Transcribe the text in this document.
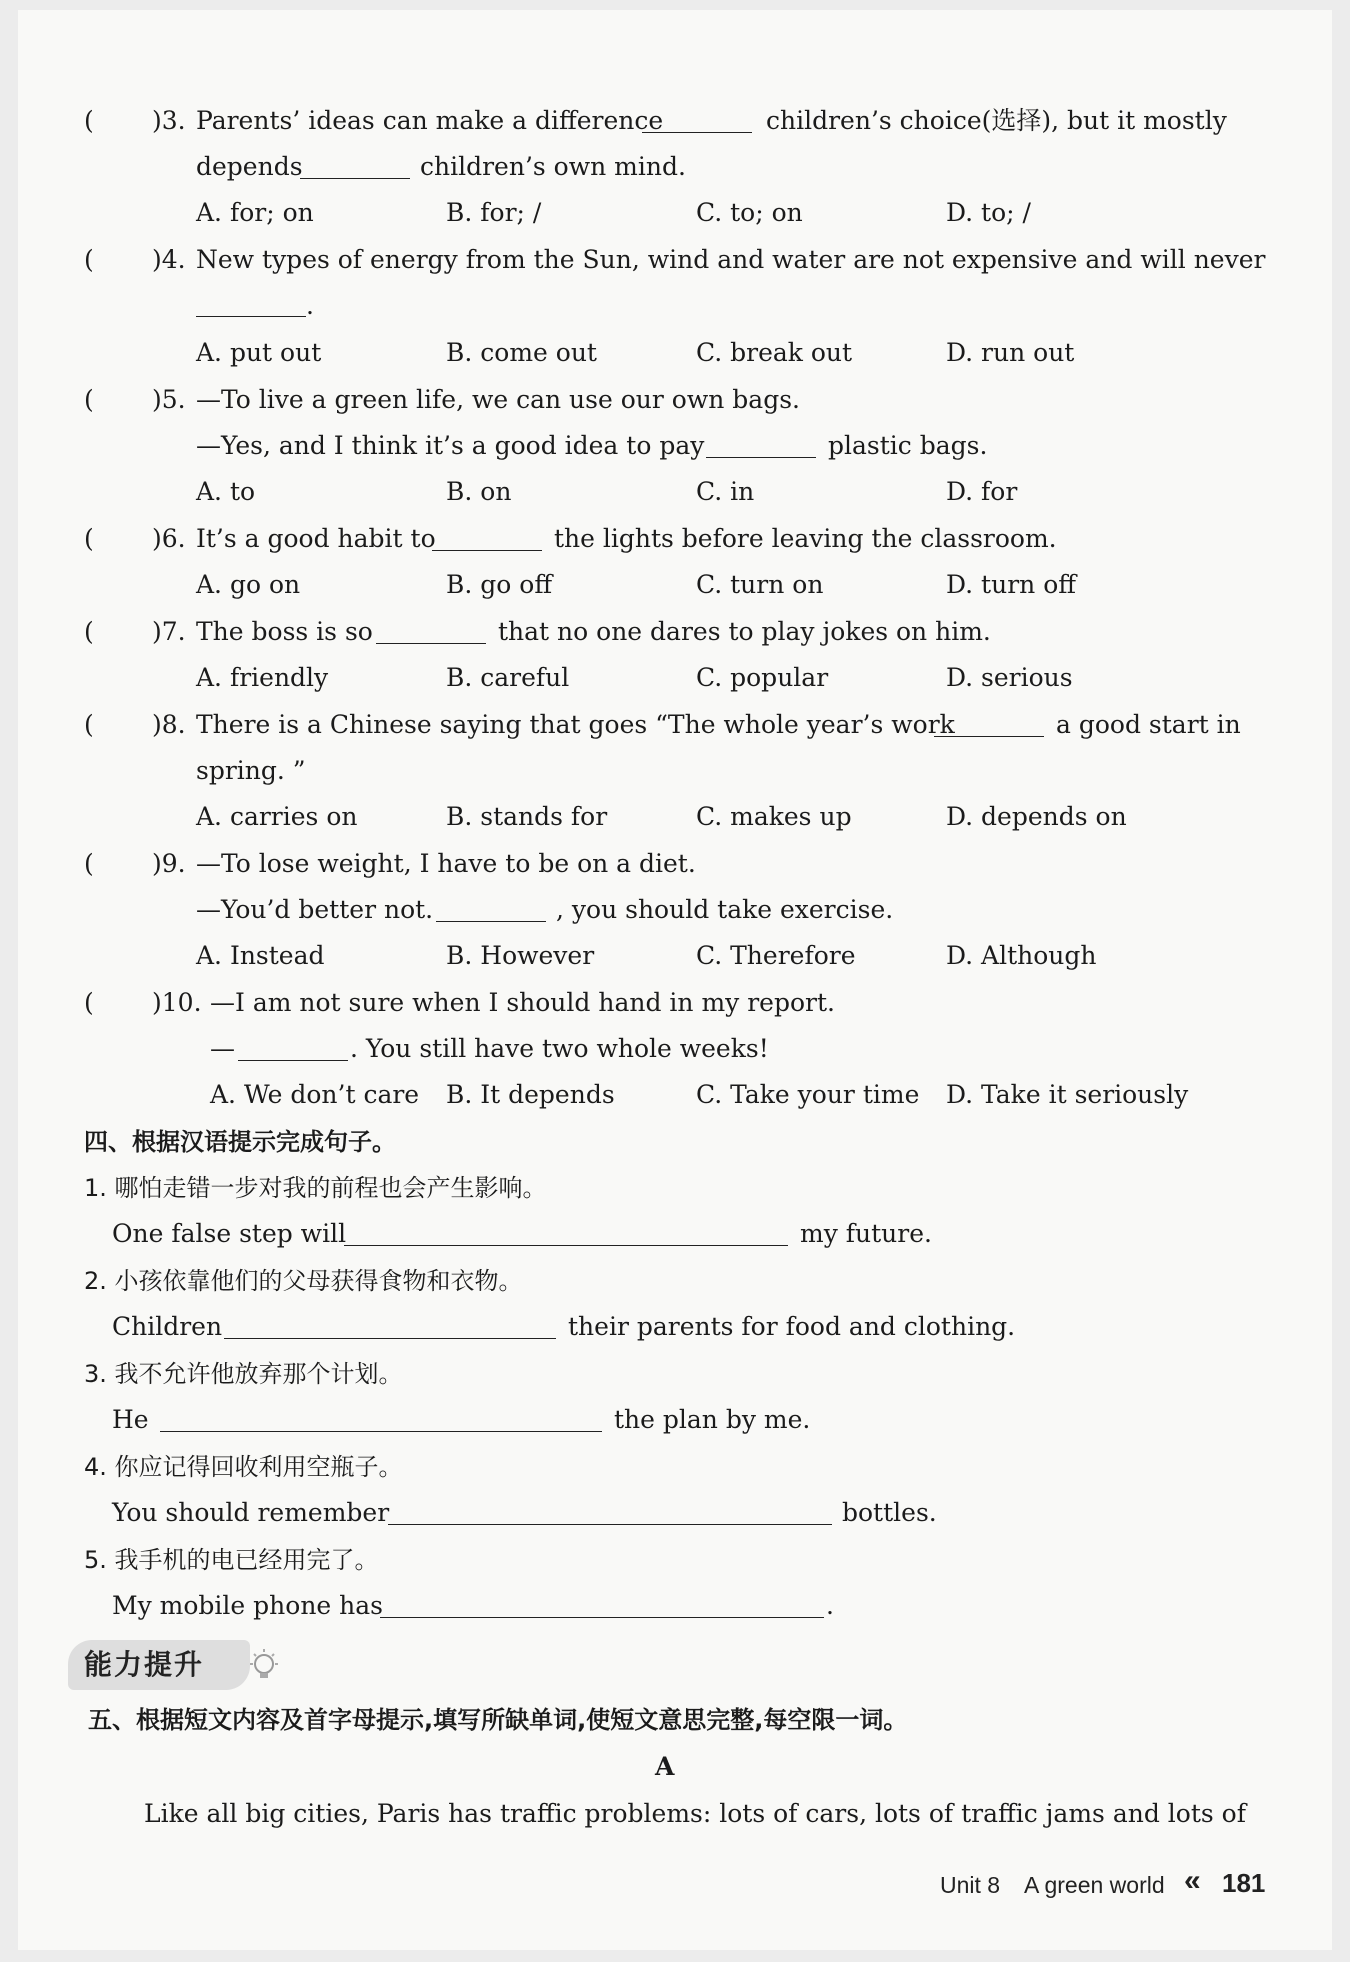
( )3. Parents’ ideas can make a difference	children’s choice(选择), but it mostly
depends	children’s own mind.
A. for; on	B. for; /	C. to; on	D. to; /
( )4. New types of energy from the Sun, wind and water are not expensive and will never
.
A. put out	B. come out	C. break out	D. run out
( )5. —To live a green life, we can use our own bags.
—Yes, and I think it’s a good idea to pay	plastic bags.
A. to	B. on	C. in	D. for
( )6. It’s a good habit to	the lights before leaving the classroom.
A. go on	B. go off	C. turn on	D. turn off
( )7. The boss is so	that no one dares to play jokes on him.
A. friendly	B. careful	C. popular	D. serious
( )8. There is a Chinese saying that goes “The whole year’s work	a good start in
spring. ”
A. carries on	B. stands for	C. makes up	D. depends on
( )9. —To lose weight, I have to be on a diet.
—You’d better not.	, you should take exercise.
A. Instead	B. However	C. Therefore	D. Although
( )10. —I am not sure when I should hand in my report.
—	. You still have two whole weeks!
A. We don’t care B. It depends	C. Take your time D. Take it seriously
四、根据汉语提示完成句子。
1. 哪怕走错一步对我的前程也会产生影响。
One false step will	my future.
2. 小孩依靠他们的父母获得食物和衣物。
Children	their parents for food and clothing.
3. 我不允许他放弃那个计划。
He	the plan by me.
4. 你应记得回收利用空瓶子。
You should remember	bottles.
5. 我手机的电已经用完了。
My mobile phone has	.
能力提升
五、根据短文内容及首字母提示,填写所缺单词,使短文意思完整,每空限一词。
A
Like all big cities, Paris has traffic problems: lots of cars, lots of traffic jams and lots of
Unit 8 A green world « 181
